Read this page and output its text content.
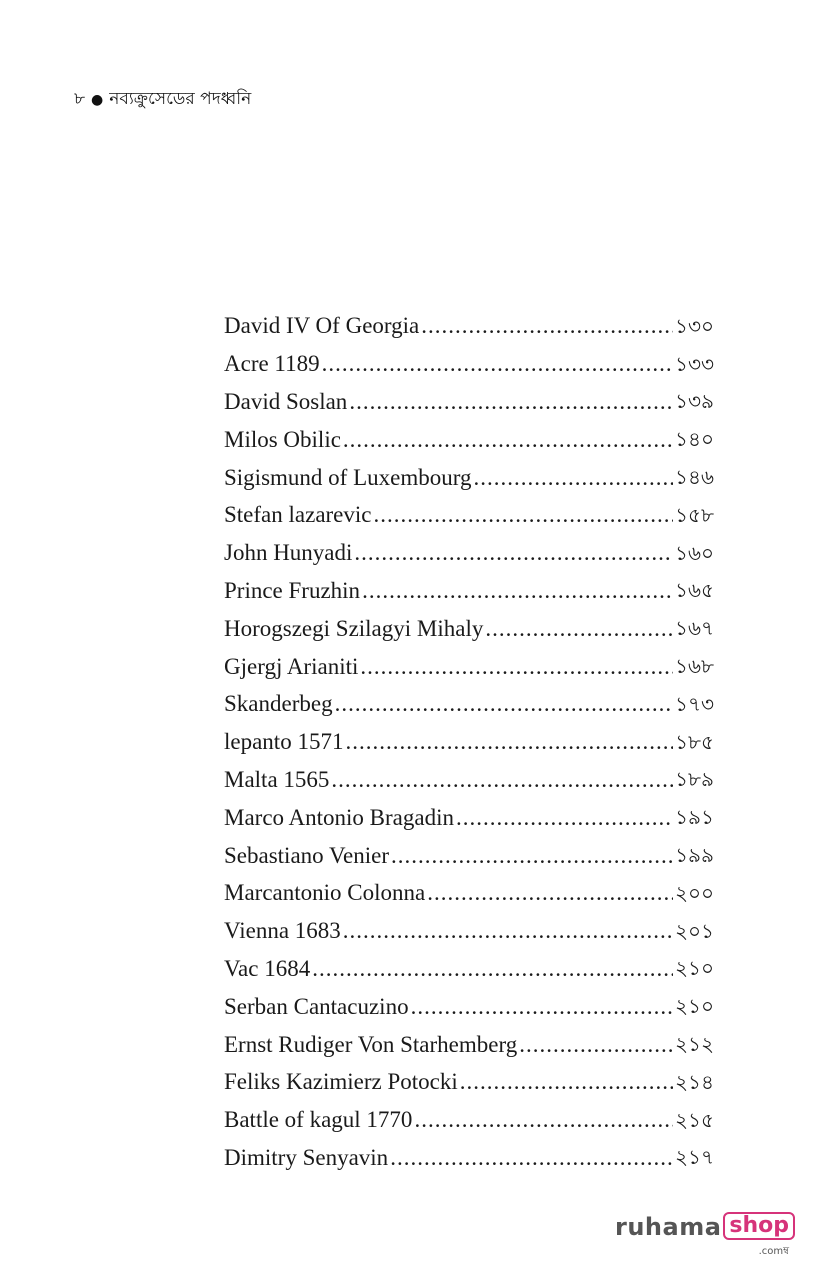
৮ ● নব্যক্রুসেডের পদধ্বনি
David IV Of Georgia .....	১৩০
Acre 1189 .....	১৩৩
David Soslan .....	১৩৯
Milos Obilic .....	১৪০
Sigismund of Luxembourg .....	১৪৬
Stefan lazarevic .....	১৫৮
John Hunyadi .....	১৬০
Prince Fruzhin .....	১৬৫
Horogszegi Szilagyi Mihaly .....	১৬৭
Gjergj Arianiti .....	১৬৮
Skanderbeg .....	১৭৩
lepanto 1571 .....	১৮৫
Malta 1565 .....	১৮৯
Marco Antonio Bragadin .....	১৯১
Sebastiano Venier .....	১৯৯
Marcantonio Colonna .....	২০০
Vienna 1683 .....	২০১
Vac 1684 .....	২১০
Serban Cantacuzino .....	২১০
Ernst Rudiger Von Starhemberg .....	২১২
Feliks Kazimierz Potocki .....	২১৪
Battle of kagul 1770 .....	২১৫
Dimitry Senyavin .....	২১৭
ruhama shop
.comম্ব
